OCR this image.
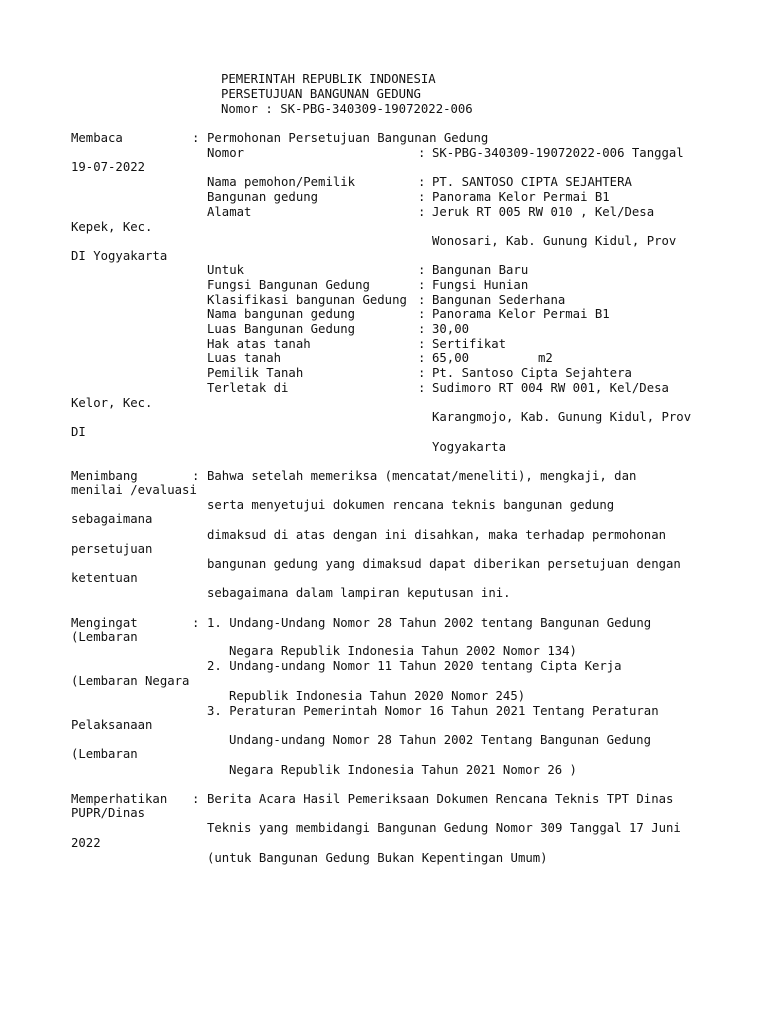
PEMERINTAH REPUBLIK INDONESIA
PERSETUJUAN BANGUNAN GEDUNG
Nomor : SK-PBG-340309-19072022-006
Membaca	: Permohonan Persetujuan Bangunan Gedung
Nomor	: SK-PBG-340309-19072022-006 Tanggal
19-07-2022
Nama pemohon/Pemilik	: PT. SANTOSO CIPTA SEJAHTERA
Bangunan gedung	: Panorama Kelor Permai B1
Alamat	: Jeruk RT 005 RW 010 , Kel/Desa
Kepek, Kec.
Wonosari, Kab. Gunung Kidul, Prov
DI Yogyakarta
Untuk	: Bangunan Baru
Fungsi Bangunan Gedung	: Fungsi Hunian
Klasifikasi bangunan Gedung : Bangunan Sederhana
Nama bangunan gedung	: Panorama Kelor Permai B1
Luas Bangunan Gedung	: 30,00
Hak atas tanah	: Sertifikat
Luas tanah	: 65,00	m2
Pemilik Tanah	: Pt. Santoso Cipta Sejahtera
Terletak di	: Sudimoro RT 004 RW 001, Kel/Desa
Kelor, Kec.
Karangmojo, Kab. Gunung Kidul, Prov
DI
Yogyakarta
Menimbang	: Bahwa setelah memeriksa (mencatat/meneliti), mengkaji, dan
menilai /evaluasi
serta menyetujui dokumen rencana teknis bangunan gedung
sebagaimana
dimaksud di atas dengan ini disahkan, maka terhadap permohonan
persetujuan
bangunan gedung yang dimaksud dapat diberikan persetujuan dengan
ketentuan
sebagaimana dalam lampiran keputusan ini.
Mengingat	: 1. Undang-Undang Nomor 28 Tahun 2002 tentang Bangunan Gedung
(Lembaran
Negara Republik Indonesia Tahun 2002 Nomor 134)
2. Undang-undang Nomor 11 Tahun 2020 tentang Cipta Kerja
(Lembaran Negara
Republik Indonesia Tahun 2020 Nomor 245)
3. Peraturan Pemerintah Nomor 16 Tahun 2021 Tentang Peraturan
Pelaksanaan
Undang-undang Nomor 28 Tahun 2002 Tentang Bangunan Gedung
(Lembaran
Negara Republik Indonesia Tahun 2021 Nomor 26 )
Memperhatikan : Berita Acara Hasil Pemeriksaan Dokumen Rencana Teknis TPT Dinas
PUPR/Dinas
Teknis yang membidangi Bangunan Gedung Nomor 309 Tanggal 17 Juni
2022
(untuk Bangunan Gedung Bukan Kepentingan Umum)
